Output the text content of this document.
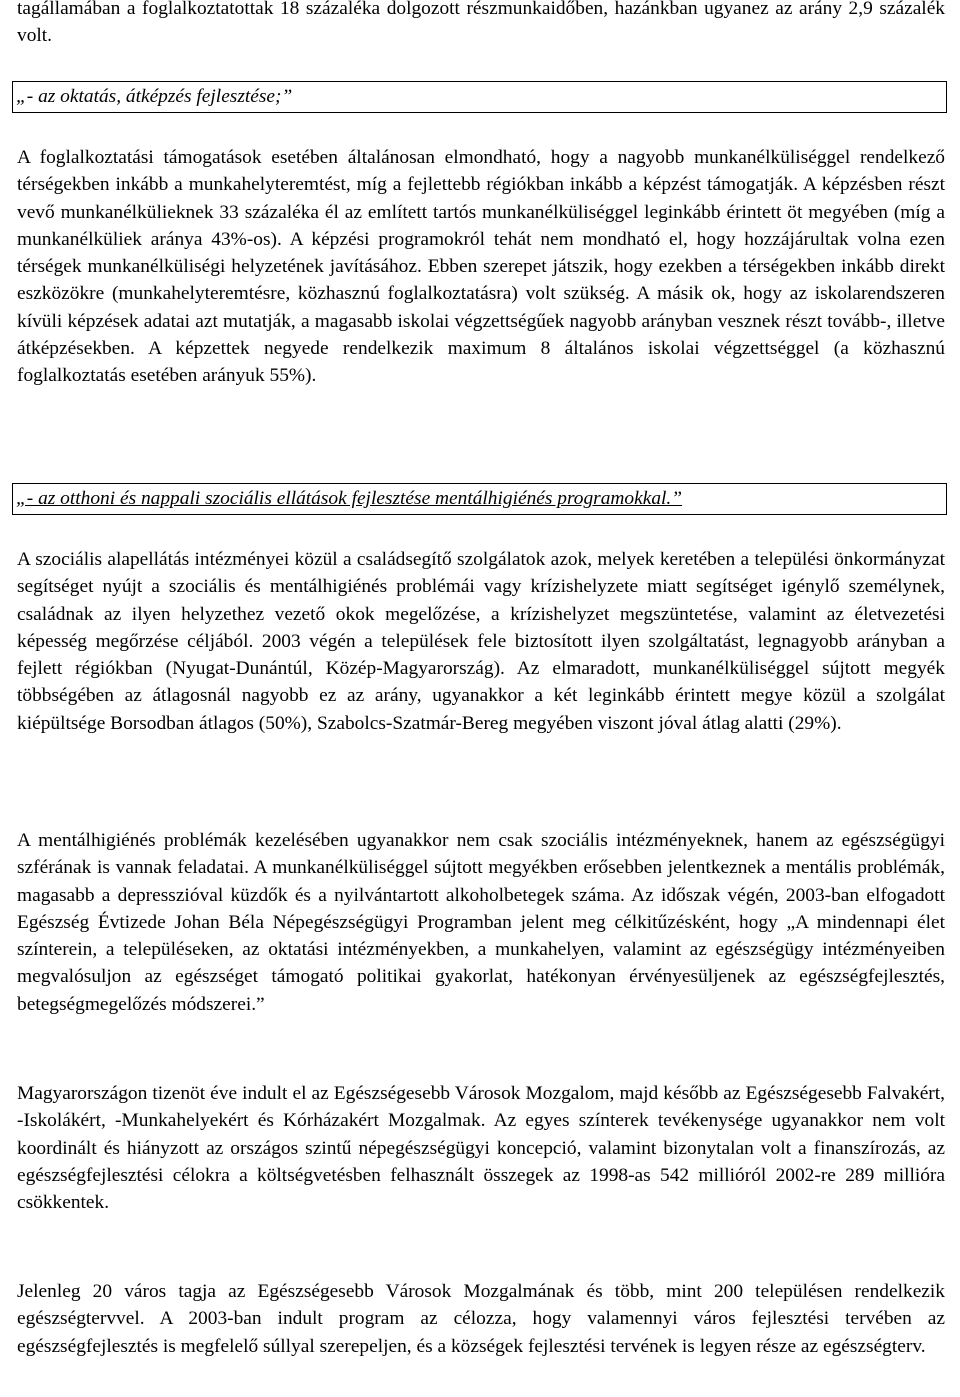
tagállamában a foglalkoztatottak 18 százaléka dolgozott részmunkaidőben, hazánkban ugyanez az arány 2,9 százalék volt.

„- az oktatás, átképzés fejlesztése;”

A foglalkoztatási támogatások esetében általánosan elmondható, hogy a nagyobb munkanélküliséggel rendelkező térségekben inkább a munkahelyteremtést, míg a fejlettebb régiókban inkább a képzést támogatják. A képzésben részt vevő munkanélkülieknek 33 százaléka él az említett tartós munkanélküliséggel leginkább érintett öt megyében (míg a munkanélküliek aránya 43%-os). A képzési programokról tehát nem mondható el, hogy hozzájárultak volna ezen térségek munkanélküliségi helyzetének javításához. Ebben szerepet játszik, hogy ezekben a térségekben inkább direkt eszközökre (munkahelyteremtésre, közhasznú foglalkoztatásra) volt szükség. A másik ok, hogy az iskolarendszeren kívüli képzések adatai azt mutatják, a magasabb iskolai végzettségűek nagyobb arányban vesznek részt tovább-, illetve átképzésekben. A képzettek negyede rendelkezik maximum 8 általános iskolai végzettséggel (a közhasznú foglalkoztatás esetében arányuk 55%).

„- az otthoni és nappali szociális ellátások fejlesztése mentálhigiénés programokkal.”

A szociális alapellátás intézményei közül a családsegítő szolgálatok azok, melyek keretében a települési önkormányzat segítséget nyújt a szociális és mentálhigiénés problémái vagy krízishelyzete miatt segítséget igénylő személynek, családnak az ilyen helyzethez vezető okok megelőzése, a krízishelyzet megszüntetése, valamint az életvezetési képesség megőrzése céljából. 2003 végén a települések fele biztosított ilyen szolgáltatást, legnagyobb arányban a fejlett régiókban (Nyugat-Dunántúl, Közép-Magyarország). Az elmaradott, munkanélküliséggel sújtott megyék többségében az átlagosnál nagyobb ez az arány, ugyanakkor a két leginkább érintett megye közül a szolgálat kiépültsége Borsodban átlagos (50%), Szabolcs-Szatmár-Bereg megyében viszont jóval átlag alatti (29%).

A mentálhigiénés problémák kezelésében ugyanakkor nem csak szociális intézményeknek, hanem az egészségügyi szférának is vannak feladatai. A munkanélküliséggel sújtott megyékben erősebben jelentkeznek a mentális problémák, magasabb a depresszióval küzdők és a nyilvántartott alkoholbetegek száma. Az időszak végén, 2003-ban elfogadott Egészség Évtizede Johan Béla Népegészségügyi Programban jelent meg célkitűzésként, hogy „A mindennapi élet színterein, a településeken, az oktatási intézményekben, a munkahelyen, valamint az egészségügy intézményeiben megvalósuljon az egészséget támogató politikai gyakorlat, hatékonyan érvényesüljenek az egészségfejlesztés, betegségmegelőzés módszerei.”

Magyarországon tizenöt éve indult el az Egészségesebb Városok Mozgalom, majd később az Egészségesebb Falvakért, -Iskolákért, -Munkahelyekért és Kórházakért Mozgalmak. Az egyes színterek tevékenysége ugyanakkor nem volt koordinált és hiányzott az országos szintű népegészségügyi koncepció, valamint bizonytalan volt a finanszírozás, az egészségfejlesztési célokra a költségvetésben felhasznált összegek az 1998-as 542 millióról 2002-re 289 millióra csökkentek.

Jelenleg 20 város tagja az Egészségesebb Városok Mozgalmának és több, mint 200 településen rendelkezik egészségtervvel. A 2003-ban indult program az célozza, hogy valamennyi város fejlesztési tervében az egészségfejlesztés is megfelelő súllyal szerepeljen, és a községek fejlesztési tervének is legyen része az egészségterv.
